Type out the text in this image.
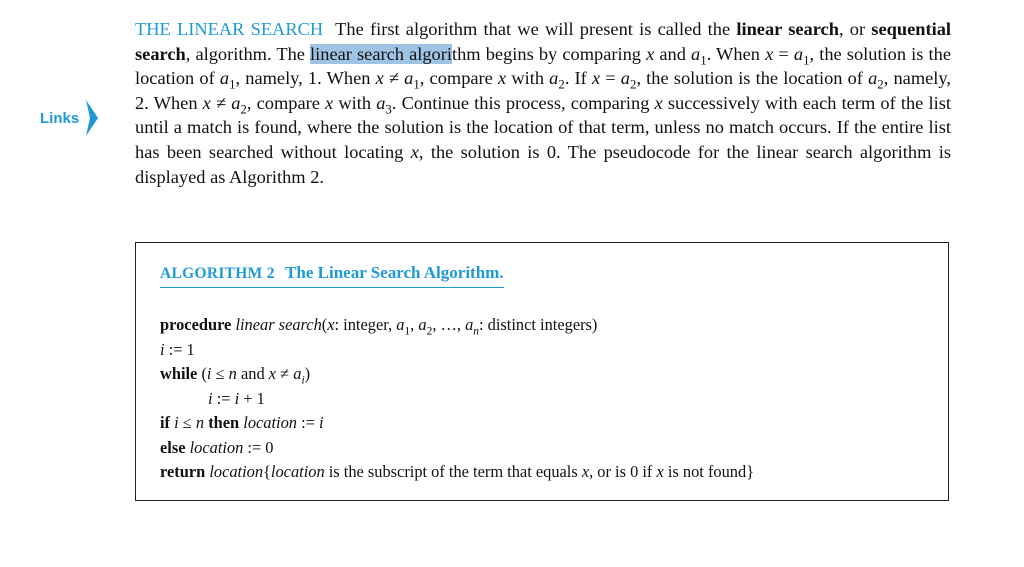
Links
THE LINEAR SEARCH The first algorithm that we will present is called the linear search, or sequential search, algorithm. The linear search algorithm begins by comparing x and $a_1$. When $x = a_1$, the solution is the location of $a_1$, namely, 1. When $x \ne a_1$, compare x with $a_2$. If $x = a_2$, the solution is the location of $a_2$, namely, 2. When $x \ne a_2$, compare x with $a_3$. Continue this process, comparing x successively with each term of the list until a match is found, where the solution is the location of that term, unless no match occurs. If the entire list has been searched without locating x, the solution is 0. The pseudocode for the linear search algorithm is displayed as Algorithm 2.
ALGORITHM 2 The Linear Search Algorithm.
procedure linear search(x: integer, $a_1$, $a_2$, …, $a_n$: distinct integers)
i := 1
while (i ≤ n and $x \ne a_i$)
i := i + 1
if i ≤ n then location := i
else location := 0
return location{location is the subscript of the term that equals x, or is 0 if x is not found}
